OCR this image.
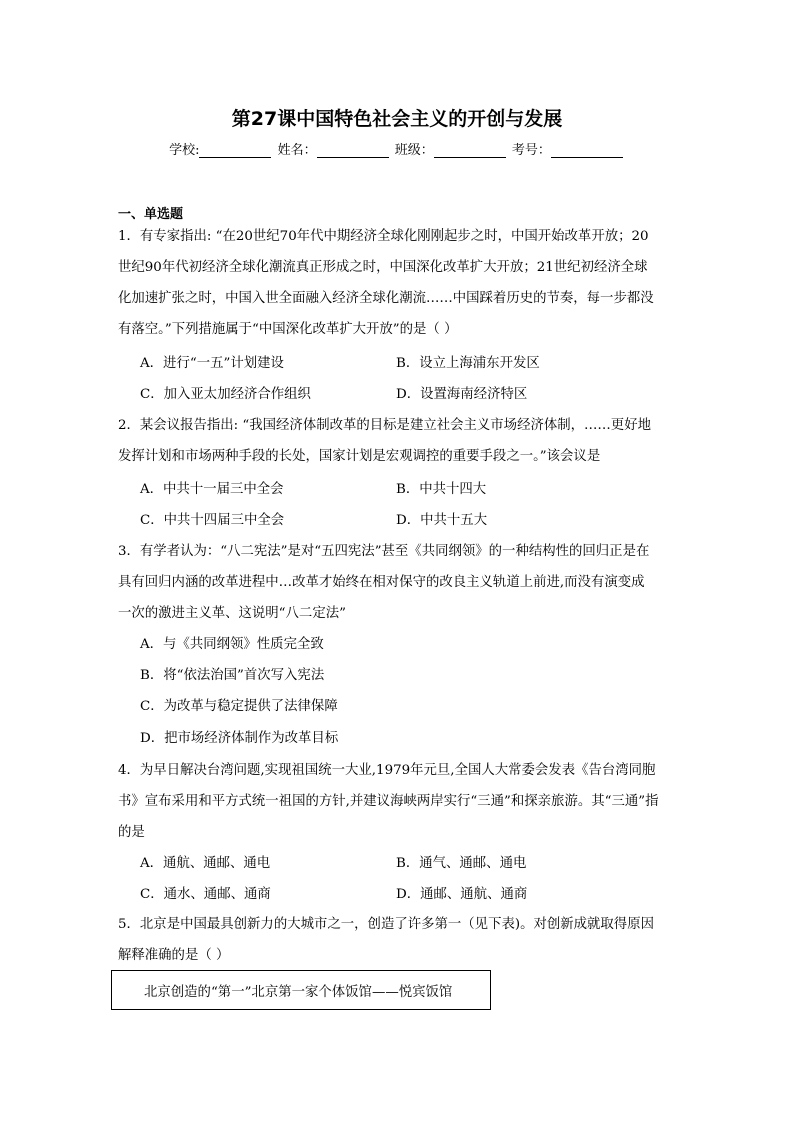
第27课中国特色社会主义的开创与发展
学校:	姓名：	班级：	考号：
一、单选题
1．有专家指出: “在20世纪70年代中期经济全球化刚刚起步之时，中国开始改革开放；20
世纪90年代初经济全球化潮流真正形成之时，中国深化改革扩大开放；21世纪初经济全球
化加速扩张之时，中国入世全面融入经济全球化潮流……中国踩着历史的节奏，每一步都没
有落空。”下列措施属于“中国深化改革扩大开放”的是（ ）
A．进行“一五”计划建设	B．设立上海浦东开发区
C．加入亚太加经济合作组织	D．设置海南经济特区
2．某会议报告指出: “我国经济体制改革的目标是建立社会主义市场经济体制，……更好地
发挥计划和市场两种手段的长处，国家计划是宏观调控的重要手段之一。”该会议是
A．中共十一届三中全会	B．中共十四大
C．中共十四届三中全会	D．中共十五大
3．有学者认为：“八二宪法”是对“五四宪法”甚至《共同纲领》的一种结构性的回归正是在
具有回归内涵的改革进程中…改革才始终在相对保守的改良主义轨道上前进,而没有演变成
一次的激进主义革、这说明“八二定法”
A．与《共同纲领》性质完全致
B．将“依法治国”首次写入宪法
C．为改革与稳定提供了法律保障
D．把市场经济体制作为改革目标
4．为早日解决台湾问题,实现祖国统一大业,1979年元旦,全国人大常委会发表《告台湾同胞
书》宣布采用和平方式统一祖国的方针,并建议海峡两岸实行“三通”和探亲旅游。其“三通”指
的是
A．通航、通邮、通电	B．通气、通邮、通电
C．通水、通邮、通商	D．通邮、通航、通商
5．北京是中国最具创新力的大城市之一，创造了许多第一（见下表)。对创新成就取得原因
解释准确的是（ ）
北京创造的“第一”北京第一家个体饭馆——悦宾饭馆
